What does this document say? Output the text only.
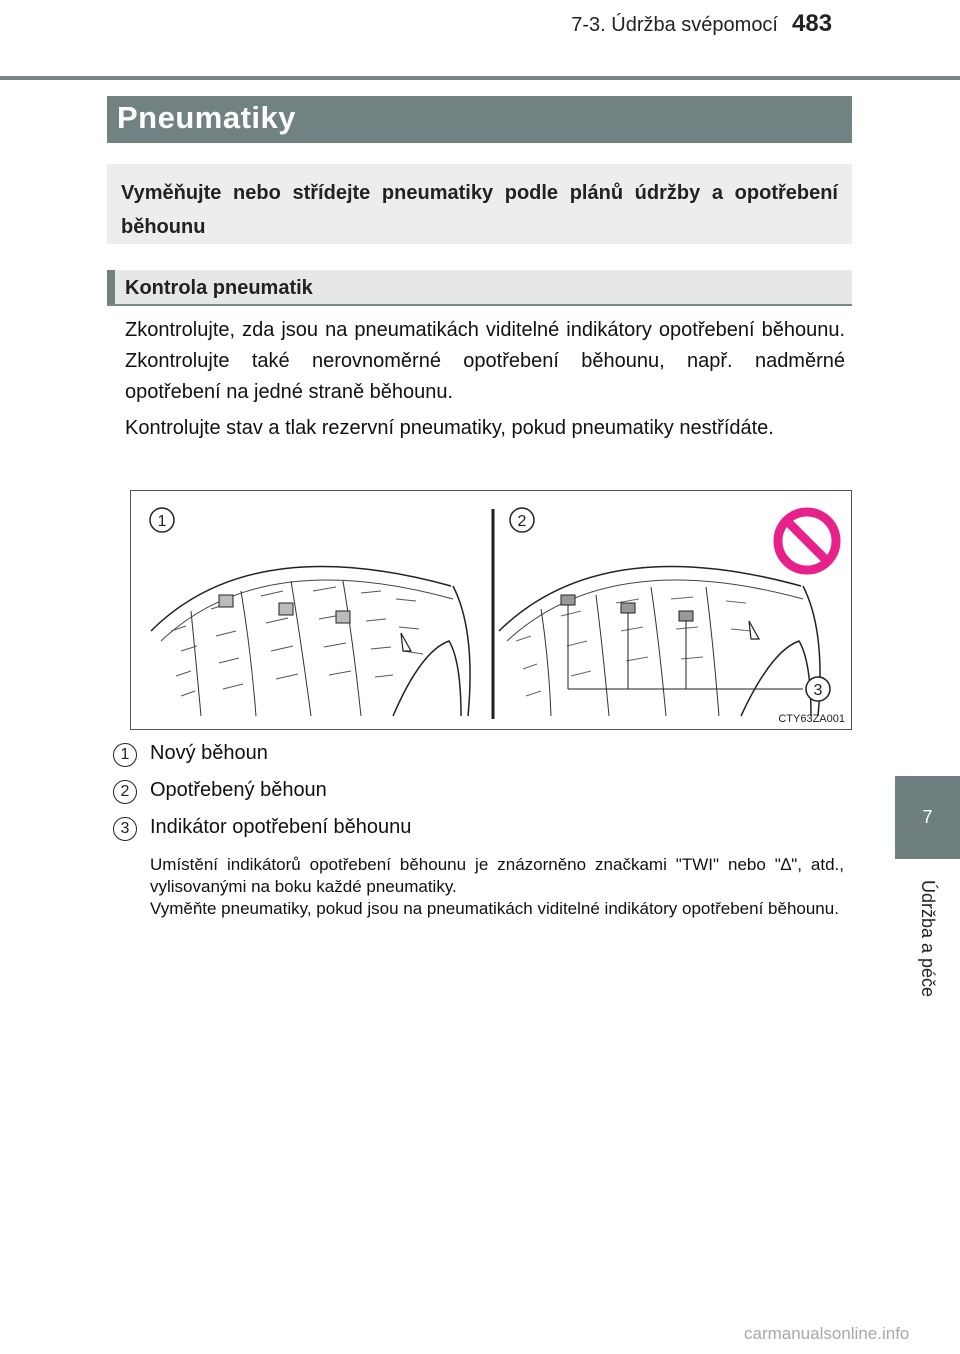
7-3. Údržba svépomocí 483
7
Údržba a péče
Pneumatiky
Vyměňujte nebo střídejte pneumatiky podle plánů údržby a opotřebení běhounu
Kontrola pneumatik
Zkontrolujte, zda jsou na pneumatikách viditelné indikátory opotřebení běhounu. Zkontrolujte také nerovnoměrné opotřebení běhounu, např. nadměrné opotřebení na jedné straně běhounu.
Kontrolujte stav a tlak rezervní pneumatiky, pokud pneumatiky nestřídáte.
1	2
3
CTY63ZA001
1	Nový běhoun
2	Opotřebený běhoun
3	Indikátor opotřebení běhounu

Umístění indikátorů opotřebení běhounu je znázorněno značkami "TWI" nebo "∆", atd., vylisovanými na boku každé pneumatiky.

Vyměňte pneumatiky, pokud jsou na pneumatikách viditelné indikátory opotřebení běhounu.

carmanualsonline.info
